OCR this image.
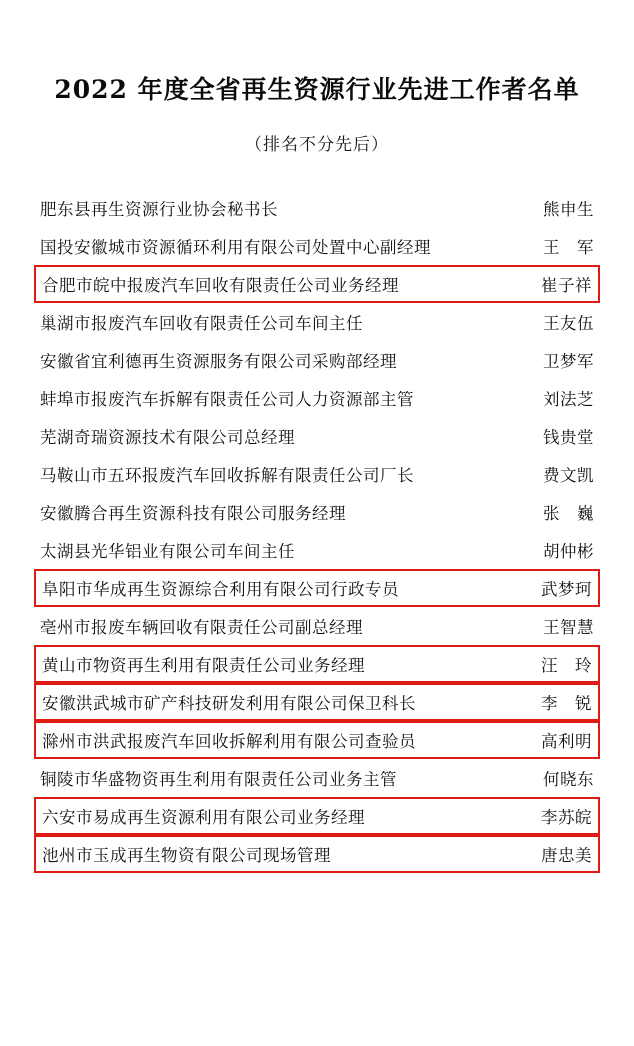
2022 年度全省再生资源行业先进工作者名单
（排名不分先后）
肥东县再生资源行业协会秘书长	熊申生
国投安徽城市资源循环利用有限公司处置中心副经理	王　军
合肥市皖中报废汽车回收有限责任公司业务经理	崔子祥
巢湖市报废汽车回收有限责任公司车间主任	王友伍
安徽省宜利德再生资源服务有限公司采购部经理	卫梦军
蚌埠市报废汽车拆解有限责任公司人力资源部主管	刘法芝
芜湖奇瑞资源技术有限公司总经理	钱贵堂
马鞍山市五环报废汽车回收拆解有限责任公司厂长	费文凯
安徽腾合再生资源科技有限公司服务经理	张　巍
太湖县光华铝业有限公司车间主任	胡仲彬
阜阳市华成再生资源综合利用有限公司行政专员	武梦珂
亳州市报废车辆回收有限责任公司副总经理	王智慧
黄山市物资再生利用有限责任公司业务经理	汪　玲
安徽洪武城市矿产科技研发利用有限公司保卫科长	李　锐
滁州市洪武报废汽车回收拆解利用有限公司查验员	高利明
铜陵市华盛物资再生利用有限责任公司业务主管	何晓东
六安市易成再生资源利用有限公司业务经理	李苏皖
池州市玉成再生物资有限公司现场管理	唐忠美
